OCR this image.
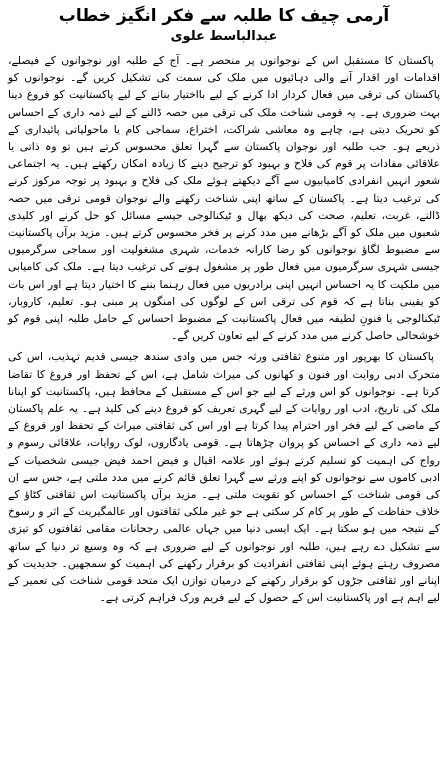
آرمی چیف کا طلبہ سے فکر انگیز خطاب
عبدالباسط علوی

پاکستان کا مستقبل اس کے نوجوانوں پر منحصر ہے۔ آج کے طلبہ اور نوجوانوں کے فیصلے، اقدامات اور اقدار آنے والی دہائیوں میں ملک کی سمت کی تشکیل کریں گے۔ نوجوانوں کو پاکستان کی ترقی میں فعال کردار ادا کرنے کے لیے بااختیار بنانے کے لیے پاکستانیت کو فروغ دینا بہت ضروری ہے۔ یہ قومی شناخت ملک کی ترقی میں حصہ ڈالنے کے لیے ذمہ داری کے احساس کو تحریک دیتی ہے، چاہے وہ معاشی شراکت، اختراع، سماجی کام یا ماحولیاتی پائیداری کے ذریعے ہو۔ جب طلبہ اور نوجوان پاکستان سے گہرا تعلق محسوس کرتے ہیں تو وہ ذاتی یا علاقائی مفادات پر قوم کی فلاح و بہبود کو ترجیح دینے کا زیادہ امکان رکھتے ہیں۔ یہ اجتماعی شعور انہیں انفرادی کامیابیوں سے آگے دیکھتے ہوئے ملک کی فلاح و بہبود پر توجہ مرکوز کرنے کی ترغیب دیتا ہے۔ پاکستان کے ساتھ اپنی شناخت رکھنے والے نوجوان قومی ترقی میں حصہ ڈالنے، غربت، تعلیم، صحت کی دیکھ بھال و ٹیکنالوجی جیسے مسائل کو حل کرنے اور کلیدی شعبوں میں ملک کو آگے بڑھانے میں مدد کرنے پر فخر محسوس کرتے ہیں۔ مزید برآں پاکستانیت سے مضبوط لگاؤ نوجوانوں کو رضا کارانہ خدمات، شہری مشغولیت اور سماجی سرگرمیوں جیسی شہری سرگرمیوں میں فعال طور پر مشغول ہونے کی ترغیب دیتا ہے۔ ملک کی کامیابی میں ملکیت کا یہ احساس انہیں اپنی برادریوں میں فعال رہنما بننے کا اختیار دیتا ہے اور اس بات کو یقینی بناتا ہے کہ قوم کی ترقی اس کے لوگوں کی امنگوں پر مبنی ہو۔ تعلیم، کاروبار، ٹیکنالوجی یا فنونِ لطیفہ میں فعال پاکستانیت کے مضبوط احساس کے حامل طلبہ اپنی قوم کو خوشحالی حاصل کرنے میں مدد کرنے کے لیے تعاون کریں گے۔

پاکستان کا بھرپور اور متنوع ثقافتی ورثہ جس میں وادی سندھ جیسی قدیم تہذیب، اس کی متحرک ادبی روایت اور فنون و کھانوں کی میراث شامل ہے، اس کے تحفظ اور فروغ کا تقاضا کرتا ہے۔ نوجوانوں کو اس ورثے کے لیے جو اس کے مستقبل کے محافظ ہیں، پاکستانیت کو اپنانا ملک کی تاریخ، ادب اور روایات کے لیے گہری تعریف کو فروغ دینے کی کلید ہے۔ یہ علم پاکستان کے ماضی کے لیے فخر اور احترام پیدا کرتا ہے اور اس کی ثقافتی میراث کے تحفظ اور فروغ کے لیے ذمہ داری کے احساس کو پروان چڑھاتا ہے۔ قومی یادگاروں، لوک روایات، علاقائی رسوم و رواج کی اہمیت کو تسلیم کرتے ہوئے اور علامہ اقبال و فیض احمد فیض جیسی شخصیات کے ادبی کاموں سے نوجوانوں کو اپنے ورثے سے گہرا تعلق قائم کرنے میں مدد ملتی ہے، جس سے ان کی قومی شناخت کے احساس کو تقویت ملتی ہے۔ مزید برآں پاکستانیت اس ثقافتی کٹاؤ کے خلاف حفاظت کے طور پر کام کر سکتی ہے جو غیر ملکی ثقافتوں اور عالمگیریت کے اثر و رسوخ کے نتیجہ میں ہو سکتا ہے۔ ایک ایسی دنیا میں جہاں عالمی رجحانات مقامی ثقافتوں کو تیزی سے تشکیل دے رہے ہیں، طلبہ اور نوجوانوں کے لیے ضروری ہے کہ وہ وسیع تر دنیا کے ساتھ مصروف رہتے ہوئے اپنی ثقافتی انفرادیت کو برقرار رکھنے کی اہمیت کو سمجھیں۔ جدیدیت کو اپنانے اور ثقافتی جڑوں کو برقرار رکھنے کے درمیان توازن ایک متحد قومی شناخت کی تعمیر کے لیے اہم ہے اور پاکستانیت اس کے حصول کے لیے فریم ورک فراہم کرتی ہے۔
